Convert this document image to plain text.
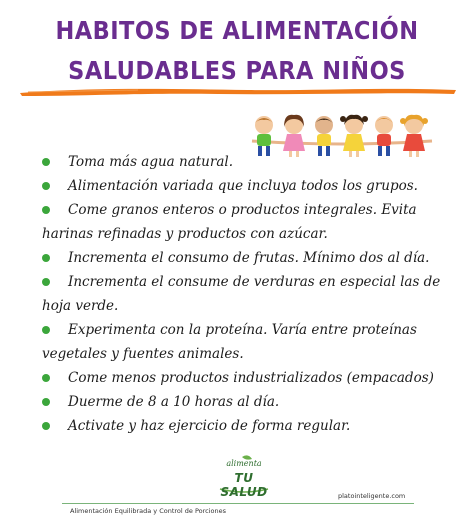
HABITOS DE ALIMENTACIÓN
SALUDABLES PARA NIÑOS
Toma más agua natural.
Alimentación variada que incluya todos los grupos.
Come granos enteros o productos integrales. Evita
harinas refinadas y productos con azúcar.
Incrementa el consumo de frutas. Mínimo dos al día.
Incrementa el consume de verduras en especial las de
hoja verde.
Experimenta con la proteína. Varía entre proteínas
vegetales y fuentes animales.
Come menos productos industrializados (empacados)
Duerme de 8 a 10 horas al día.
Activate y haz ejercicio de forma regular.
alimenta
TU SALUD	platointeligente.com
Alimentación Equilibrada y Control de Porciones
